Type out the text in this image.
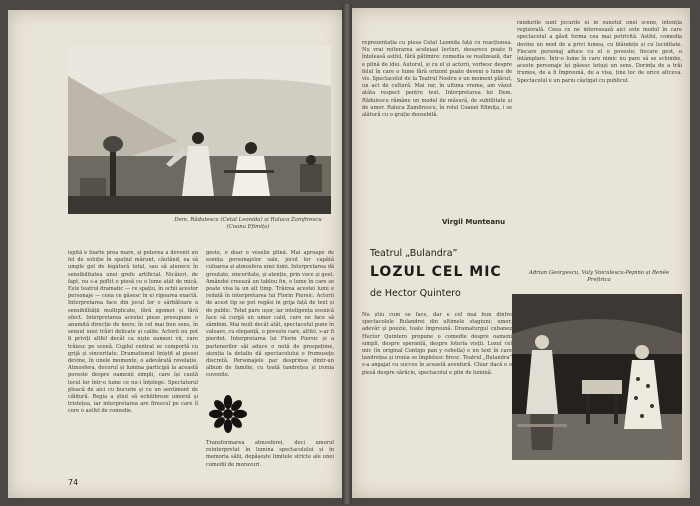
Dem. Rădulescu (Cetal Leonida) și Raluca Zamfirescu (Coana Efimița)
ispită e foarte prea mare, și puterea a devenit un fel de soluție în spațiul mărunt, căutând, ea să umple gol de legătură totul, sau să alunece în sensibilitatea unei grefe artificial. Nicăieri, de fapt, nu s-a poftit o piesă cu o lume atât de mică. Este teatrul dramatic — ce spațiu, în ochii acestor personaje — ceea ce găsesc în ei rigoarea exactă. Interpretarea face din jocul lor o sărbătoare a sensibilității multiplicate, fără zgomot și fără efect. Interpretarea acestei piese presupune o anumită direcție de mers: în cel mai bun sens, în sensul unei trăiri delicate și calde. Actorii nu pot fi priviți altfel decât ca niște oameni vii, care trăiesc pe scenă. Cuplul central se comportă cu grijă și sinceritate. Dramatismul liniștit al piesei devine, în unele momente, o adevărată revelație. Atmosfera, decorul și lumina participă la această poveste despre oamenii simpli, care își caută locul lor într-o lume ce nu-i înțelege. Spectatorul pleacă de aici cu bucurie și cu un sentiment de căldură. Regia a știut să echilibreze umorul și tristețea, iar interpretarea are firescul pe care îl cere o astfel de comedie.
geste, e doar o veselie plină. Mai aproape de esența personajelor sale, jocul lor capătă culoarea și atmosfera unei lumi. Interpretarea dă greutate, sinceritate, și atenție, prin voce și gest. Amândoi creează un tablou fin, o lume în care se poate visa la un alt timp. Trăirea acestei lumi e redată în interpretarea lui Florin Piersic. Actorii de acest tip se pot regăsi în grija față de text și de public. Totul pare ușor, iar inteligența scenică face să curgă un umor cald, care ne face să zâmbim. Mai mult decât atât, spectacolul pune în valoare, cu eleganță, o poveste care, altfel, s-ar fi pierdut. Interpretarea lui Florin Piersic și a partenerilor săi aduce o notă de prospețime, atenția la detaliu dă spectacolului o frumusețe discretă. Personajele par desprinse dintr-un album de familie, cu toată tandrețea și ironia cuvenite.
Transformarea atmosferei, deci umorul reinterpretat în lumina spectacolului și în memoria sălii, depășește limitele stricte ale unei comedii de moravuri.
74
reprezentația cu piesa Cetal Leonida față cu reacțiunea. Nu vrai reiterarea aceleiași lecturi, deoarece poate fi înțeleasă astfel, fără pătimire: comedia se realizează, dar e plină de idei. Autorul, și cu el și actorii, vorbesc despre felul în care o lume fără orizont poate deveni o lume de vis. Spectacolul de la Teatrul Nostru e un moment plăcut, un act de cultură. Mai rar, în ultima vreme, am văzut atâta respect pentru text. Interpretarea lui Dem. Rădulescu rămâne un model de măsură, de subtilitate și de umor. Raluca Zamfirescu, în rolul Coanei Efimița, i se alătură cu o grație deosebită.
Virgil Munteanu
rândurile sunt jocurile ei în sunetul unei scene, intenția regizorală. Ceea ce ne interesează aici este modul în care spectacolul a găsit forma cea mai potrivită. Astfel, comedia devine un mod de a privi lumea, cu blândețe și cu luciditate. Fiecare personaj aduce cu el o poveste; fiecare gest, o întâmplare. Într-o lume în care nimic nu pare să se schimbe, aceste personaje își găsesc totuși un sens. Dorința de a trăi frumos, de a fi împreună, de a visa, ține loc de orice altceva. Spectacolul e un pariu câștigat cu publicul.
Teatrul „Bulandra”
LOZUL CEL MIC
de Hector Quintero
Adrian Georgescu, Valy Voiculescu-Pepino și Renée Prefirica
Nu știu cum se face, dar e cel mai bun dintre spectacolele Bulandrei din ultimele stagiuni: umor, adevăr și poezie, toate împreună. Dramaturgul cubanez Hector Quintero propune o comedie despre oameni simpli, despre speranță, despre loteria vieții. Lozul cel mic (în original Contigo pan y cebolla) e un text în care tandrețea și ironia se împletesc firesc. Teatrul „Bulandra” s-a angajat cu succes în această aventură. Chiar dacă e o piesă despre sărăcie, spectacolul e plin de lumină.
